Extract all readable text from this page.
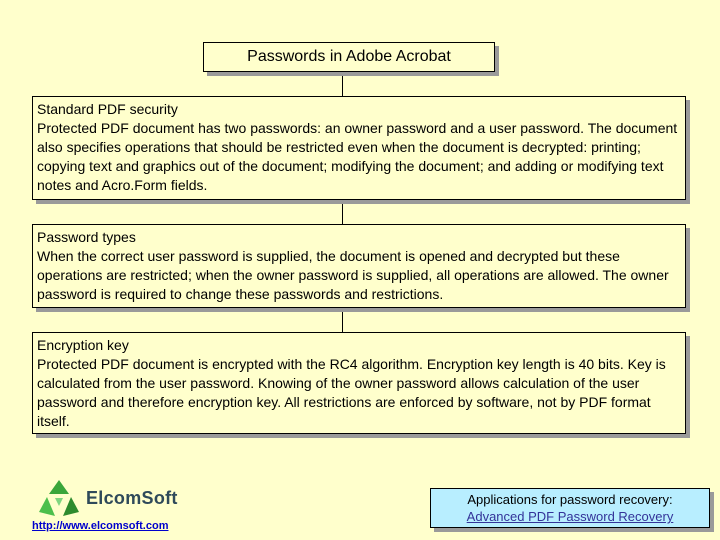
Passwords in Adobe Acrobat
Standard PDF security
Protected PDF document has two passwords: an owner password and a user password. The document also specifies operations that should be restricted even when the document is decrypted: printing; copying text and graphics out of the document; modifying the document; and adding or modifying text notes and Acro.Form fields.
Password types
When the correct user password is supplied, the document is opened and decrypted but these operations are restricted; when the owner password is supplied, all operations are allowed. The owner password is required to change these passwords and restrictions.
Encryption key
Protected PDF document is encrypted with the RC4 algorithm. Encryption key length is 40 bits. Key is calculated from the user password. Knowing of the owner password allows calculation of the user password and therefore encryption key. All restrictions are enforced by software, not by PDF format itself.
ElcomSoft
http://www.elcomsoft.com
Applications for password recovery:
Advanced PDF Password Recovery
